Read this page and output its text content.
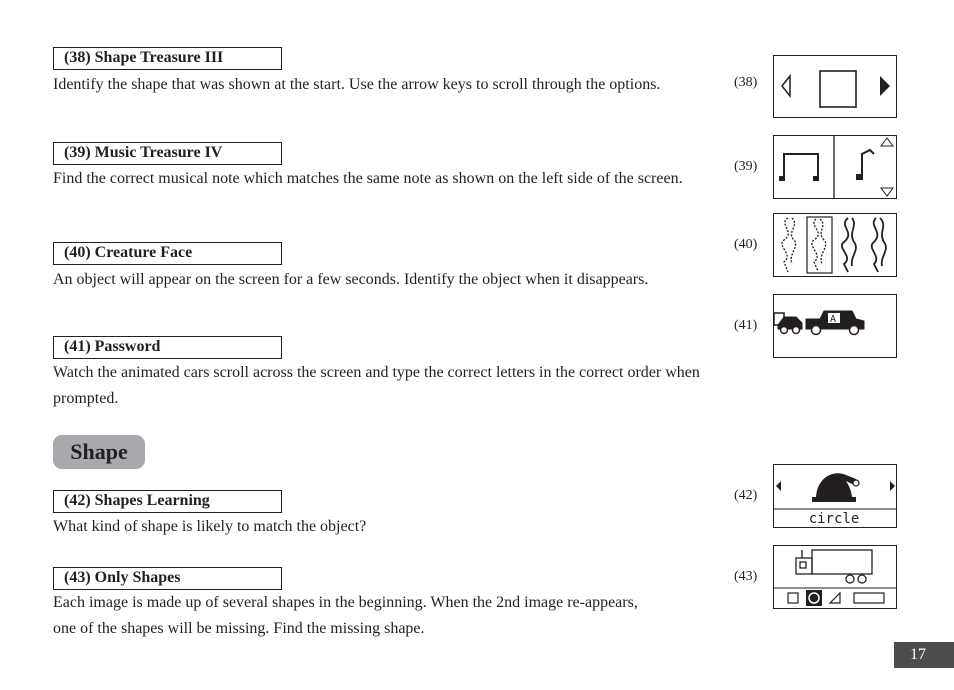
(38) Shape Treasure III
Identify the shape that was shown at the start. Use the arrow keys to scroll through the options.
(39) Music Treasure IV
Find the correct musical note which matches the same note as shown on the left side of the screen.
(40) Creature Face
An object will appear on the screen for a few seconds. Identify the object when it disappears.
(41) Password
Watch the animated cars scroll across the screen and type the correct letters in the correct order when prompted.
Shape
(42) Shapes Learning
What kind of shape is likely to match the object?
(43) Only Shapes
Each image is made up of several shapes in the beginning. When the 2nd image re-appears, one of the shapes will be missing. Find the missing shape.
(38)
(39)
(40)
(41)	A
(42)
circle
(43)
17
